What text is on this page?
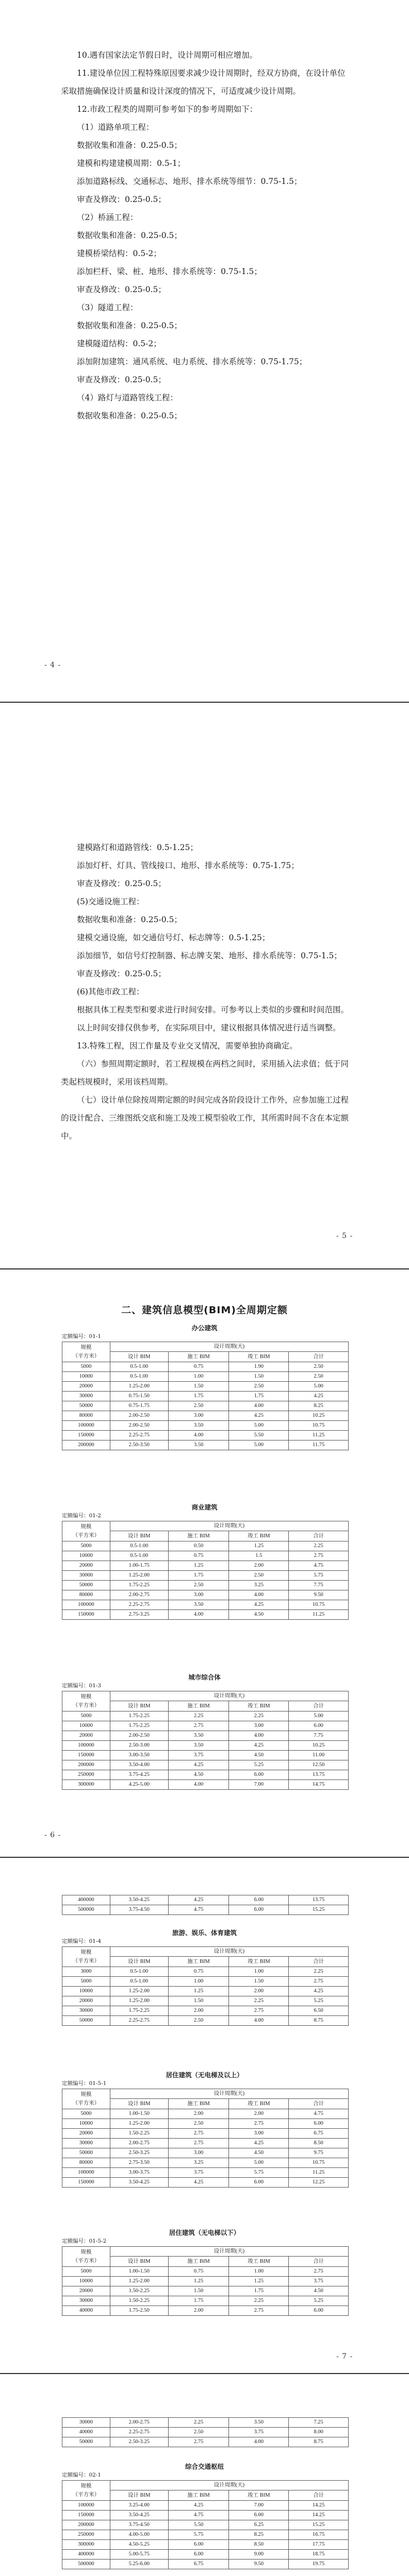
10.遇有国家法定节假日时，设计周期可相应增加。

11.建设单位因工程特殊原因要求减少设计周期时，经双方协商，在设计单位采取措施确保设计质量和设计深度的情况下，可适度减少设计周期。

12.市政工程类的周期可参考如下的参考周期如下：

（1）道路单项工程：

数据收集和准备：0.25-0.5；

建模和构建建模周期：0.5-1；

添加道路标线、交通标志、地形、排水系统等细节：0.75-1.5；

审查及修改：0.25-0.5；

（2）桥涵工程：

数据收集和准备：0.25-0.5；

建模桥梁结构：0.5-2；

添加栏杆、梁、桩、地形、排水系统等：0.75-1.5；

审查及修改：0.25-0.5；

（3）隧道工程：

数据收集和准备：0.25-0.5；

建模隧道结构：0.5-2；

添加附加建筑：通风系统、电力系统、排水系统等：0.75-1.75；

审查及修改：0.25-0.5；

（4）路灯与道路管线工程：

数据收集和准备：0.25-0.5；

- 4 -

建模路灯和道路管线：0.5-1.25；

添加灯杆、灯具、管线接口、地形、排水系统等：0.75-1.75；

审查及修改：0.25-0.5；

(5)交通设施工程：

数据收集和准备：0.25-0.5；

建模交通设施，如交通信号灯、标志牌等：0.5-1.25；

添加细节，如信号灯控制器、标志牌支架、地形、排水系统等：0.75-1.5；

审查及修改：0.25-0.5；

(6)其他市政工程：

根据具体工程类型和要求进行时间安排。可参考以上类似的步骤和时间范围。

以上时间安排仅供参考，在实际项目中，建议根据具体情况进行适当调整。

13.特殊工程，因工作量及专业交叉情况，需要单独协商确定。

（六）参照周期定额时，若工程规模在两档之间时，采用插入法求值；低于同类起档规模时，采用该档周期。

（七）设计单位除按周期定额的时间完成各阶段设计工作外，应参加施工过程的设计配合、三维图纸交底和施工及竣工模型验收工作，其所需时间不含在本定额中。

- 5 -
二、建筑信息模型(BIM)全周期定额
办公建筑
定额编号：01-1
规模
（平方米）	设计周期(天)			
	设计 BIM	施工 BIM	竣工 BIM	合计
5000	0.5-1.00	0.75	1.90	2.50
10000	0.5-1.00	1.00	1.50	2.50
20000	1.25-2.00	1.50	2.50	5.00
30000	0.75-1.50	1.75	1.75	4.25
50000	0.75-1.75	2.50	4.00	8.25
80000	2.00-2.50	3.00	4.25	10.25
100000	2.00-2.50	3.50	5.00	10.75
150000	2.25-2.75	4.00	5.50	11.25
200000	2.50-3.50	3.50	5.00	11.75
商业建筑
定额编号：01-2
规模
（平方米）	设计周期(天)			
	设计 BIM	施工 BIM	竣工 BIM	合计
5000	0.5-1.00	0.50	1.25	2.25
10000	0.5-1.00	0.75	1.5	2.75
20000	1.00-1.75	1.25	2.00	4.75
30000	1.25-2.00	1.75	2.50	5.75
50000	1.75-2.25	2.50	3.25	7.75
80000	2.00-2.75	3.00	4.00	9.50
100000	2.25-2.75	3.50	4.25	10.75
150000	2.75-3.25	4.00	4.50	11.25
城市综合体
定额编号：01-3
规模
（平方米）	设计周期(天)			
	设计 BIM	施工 BIM	竣工 BIM	合计
5000	1.75-2.25	2.25	2.25	5.00
10000	1.75-2.25	2.75	3.00	6.00
20000	2.00-2.50	3.50	4.00	7.75
100000	2.50-3.00	3.50	4.25	10.25
150000	3.00-3.50	3.75	4.50	11.00
200000	3.50-4.00	4.25	5.25	12.50
250000	3.75-4.25	4.50	6.00	13.75
300000	4.25-5.00	4.00	7.00	14.75
- 6 -
400000	3.50-4.25	4.25	6.00	13.75
500000	3.75-4.50	4.75	6.00	15.25
旅游、娱乐、体育建筑
定额编号：01-4
规模
（平方米）	设计周期(天)			
	设计 BIM	施工 BIM	竣工 BIM	合计
3000	0.5-1.00	0.75	1.00	2.25
5000	0.5-1.00	1.00	1.50	2.75
10000	1.25-2.00	1.25	2.00	4.25
20000	1.25-2.00	1.50	2.25	5.25
30000	1.75-2.25	2.00	2.75	6.50
50000	2.25-2.75	2.50	4.00	8.75
居住建筑（无电梯及以上）
定额编号：01-5-1
规模
（平方米）	设计周期(天)			
	设计 BIM	施工 BIM	竣工 BIM	合计
5000	1.00-1.50	2.00	2.00	4.75
10000	1.25-2.00	2.50	2.75	6.00
20000	1.50-2.25	2.75	3.00	6.75
30000	2.00-2.75	2.75	4.25	8.50
50000	2.50-3.25	3.00	4.50	9.75
80000	2.75-3.50	3.25	5.00	10.75
100000	3.00-3.75	3.75	5.75	11.25
150000	3.50-4.25	4.25	6.00	12.25
居住建筑（无电梯以下）
定额编号：01-5-2
规模
（平方米）	设计周期(天)			
	设计 BIM	施工 BIM	竣工 BIM	合计
5000	1.00-1.50	0.75	1.00	2.75
10000	1.25-2.00	1.25	1.25	3.75
20000	1.50-2.25	1.50	1.75	4.50
30000	1.50-2.25	1.75	2.25	5.25
40000	1.75-2.50	2.00	2.75	6.00
- 7 -
30000	2.00-2.75	2.25	3.50	7.25
40000	2.25-2.75	2.50	3.75	8.00
50000	2.50-3.25	2.75	4.00	8.75
综合交通枢纽
定额编号：02-1
规模
（平方米）	设计周期(天)			
	设计 BIM	施工 BIM	竣工 BIM	合计
100000	3.25-4.00	4.25	7.00	14.25
150000	3.50-4.25	4.75	6.00	14.25
200000	3.75-4.50	5.50	6.25	15.25
250000	4.00-5.00	5.75	8.25	16.75
300000	4.50-5.25	6.00	8.50	17.75
400000	5.00-5.75	6.00	9.00	18.75
500000	5.25-6.00	6.75	9.50	19.75
